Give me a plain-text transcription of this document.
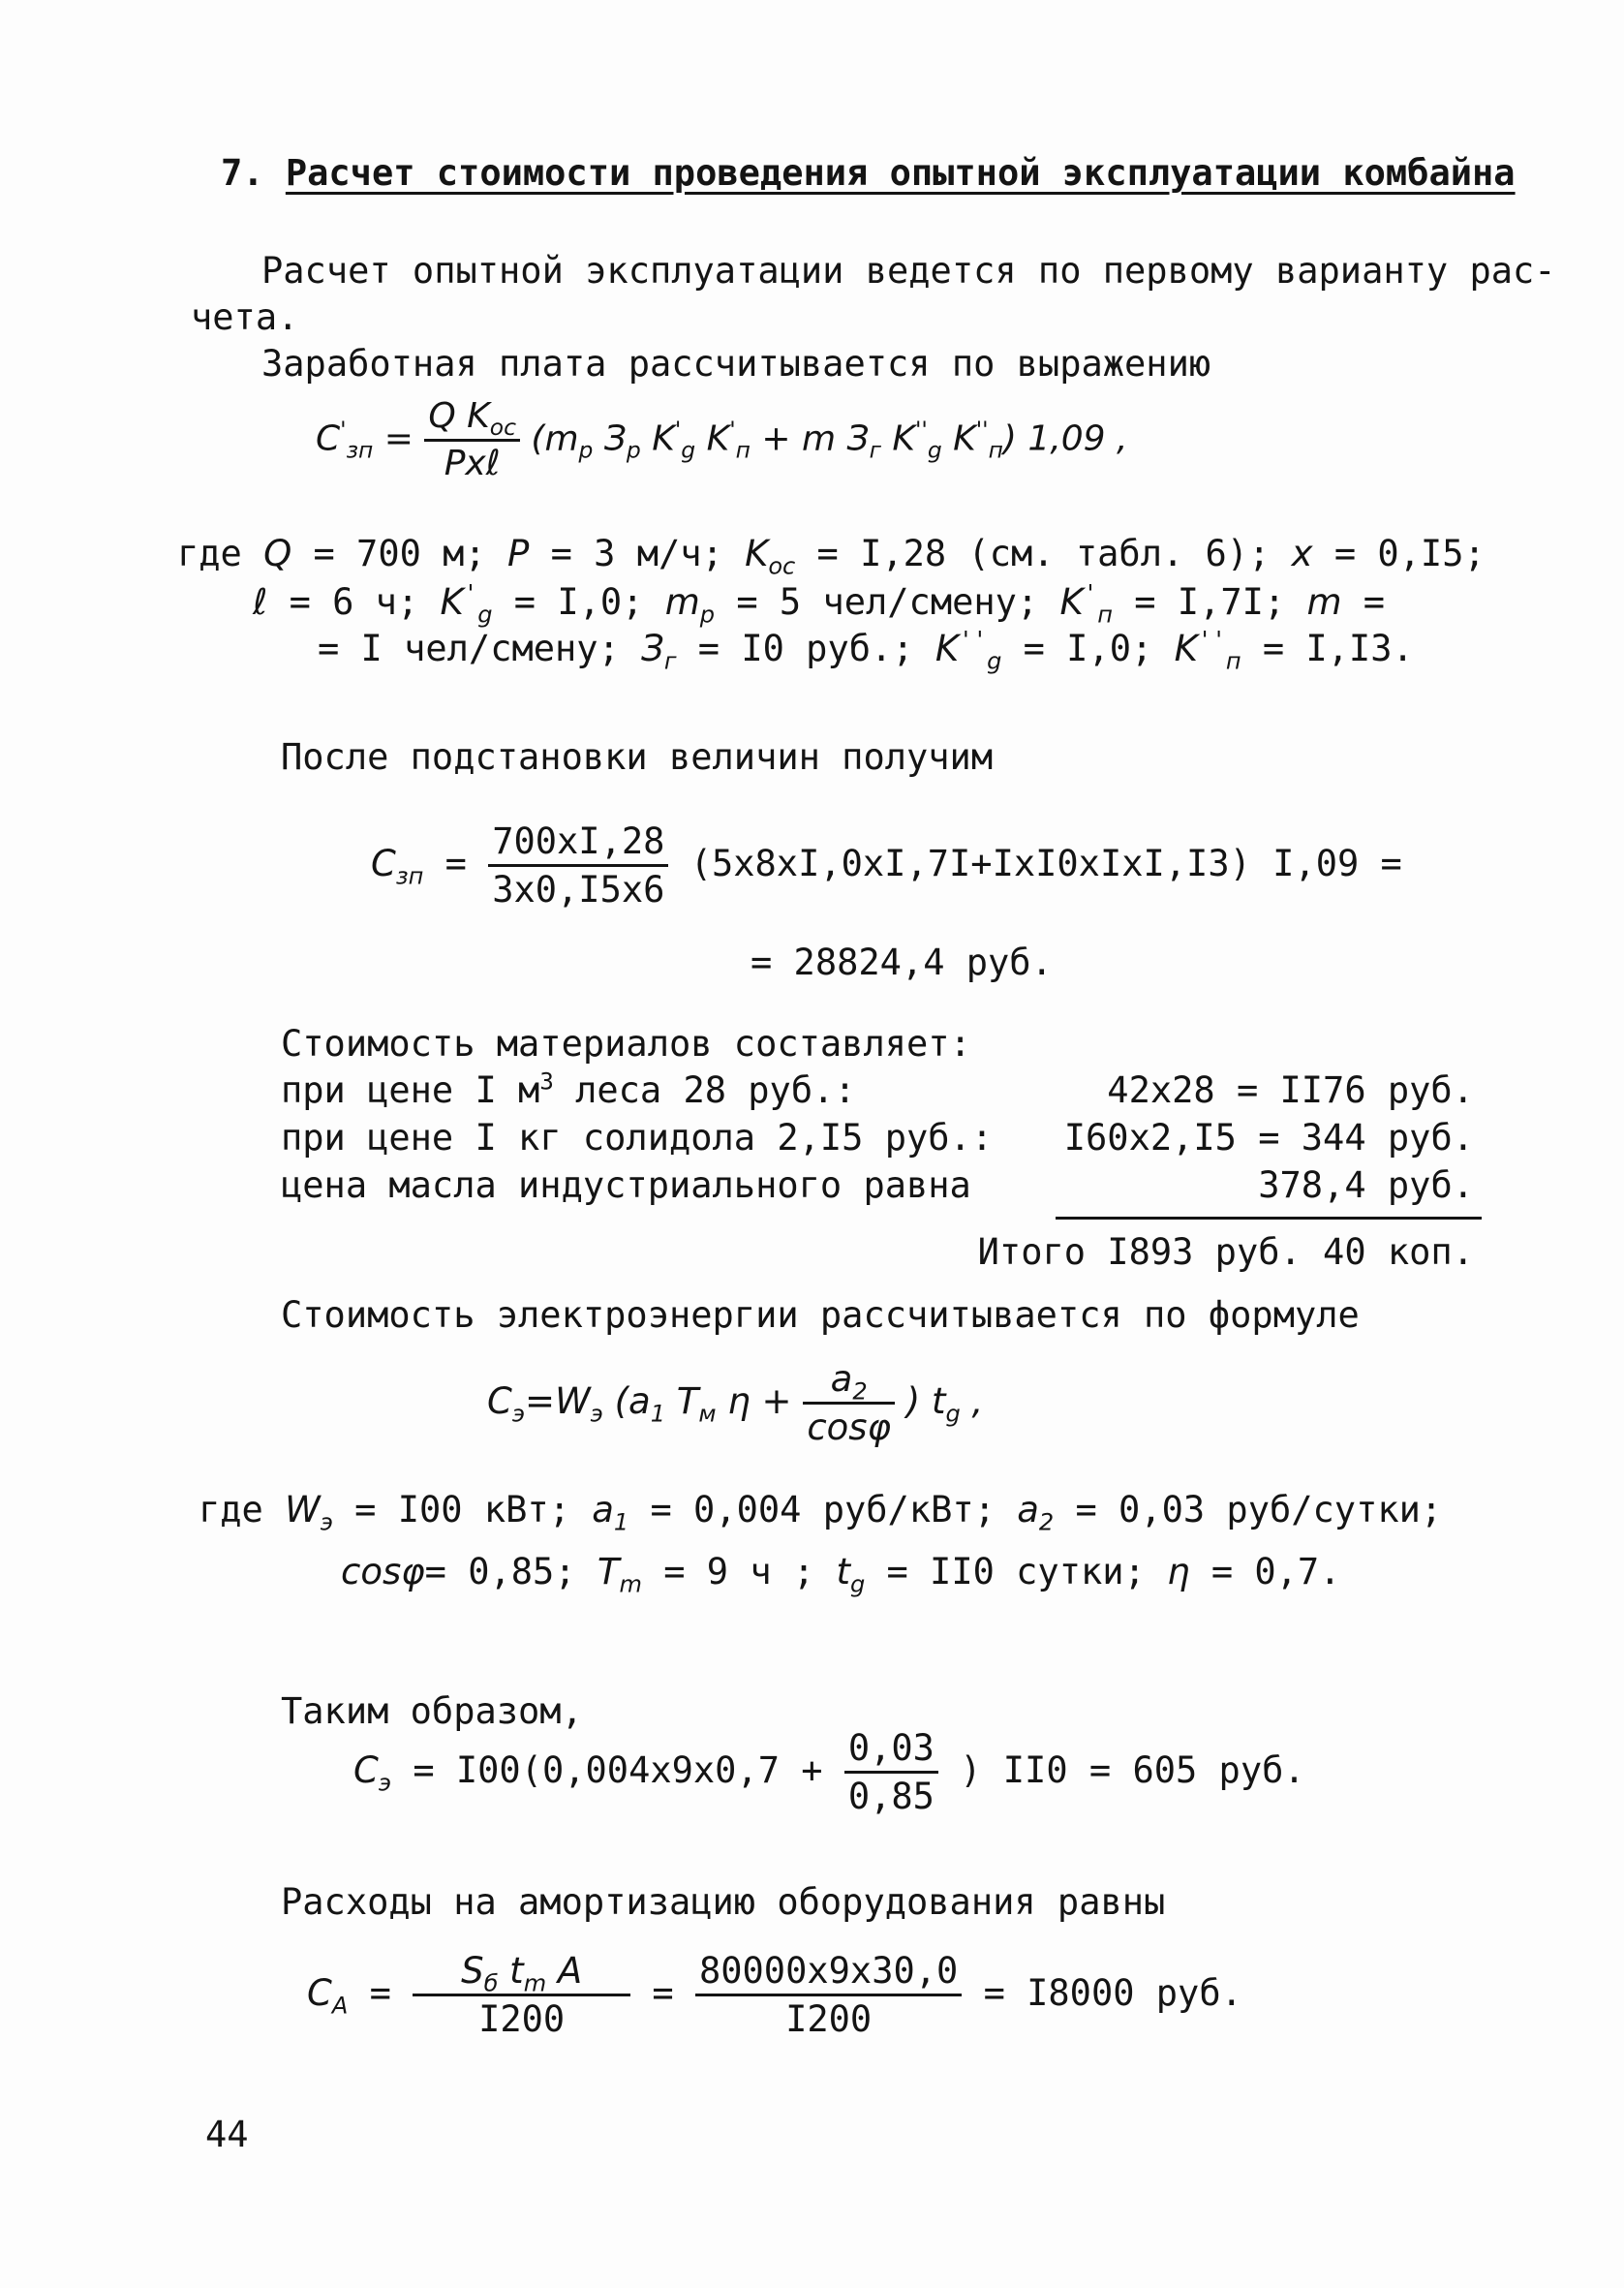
7. Расчет стоимости проведения опытной эксплуатации комбайна
Расчет опытной эксплуатации ведется по первому варианту рас-
чета.
Заработная плата рассчитывается по выражению
$C'_{зп} = \frac{Q K_{ос}}{\text{Pxℓ}} (m_р$ $З_р$ $K'_g$ $K'_п + m$ $З_г$ $K''_g$ $K''_п$) 1,09 ,
где Q = 700 м; P = 3 м/ч; $K_{ос} = I,28$ (см. табл. 6); x = 0,I5;
ℓ = 6 ч; $K'_g = I,0$; $m_р = 5$ чел/смену; $K'_п = I,7I$; m =
= I чел/смену; $З_г = I0$ руб.; $K''_g = I,0$; $K''_п = I,I3$.
После подстановки величин получим
$C_{зп} = \frac{700xI,28}{3x0,I5x6}$ (5x8xI,0xI,7I+IxI0xIxI,I3) I,09 =
= 28824,4 руб.
Стоимость материалов составляет:
при цене I $м^3$ леса 28 руб.:	42x28 = II76 руб.
при цене I кг солидола 2,I5 руб.: I60x2,I5 = 344 руб.
цена масла индустриального равна	378,4 руб.
Итого I893 руб. 40 коп.
Стоимость электроэнергии рассчитывается по формуле
$C_э=W_э$ ($a_1$ $T_м$ $\eta + \frac{a_2}{\cos\varphi}$ ) $t_g$ ,
где $W_э = I00$ кВт; $a_1 = 0,004$ руб/кВт; $a_2 = 0,03$ руб/сутки;
cosφ= 0,85; $T_m = 9$ ч ; $t_g = II0$ сутки; η = 0,7.
Таким образом,
$C_э = I00(0,004x9x0,7 + \frac{0,03}{0,85}$ ) II0 = 605 руб.
Расходы на амортизацию оборудования равны
$C_А = \frac{S_б t_m A}{I200} = \frac{80000x9x30,0}{I200} = I8000$ руб.
44
